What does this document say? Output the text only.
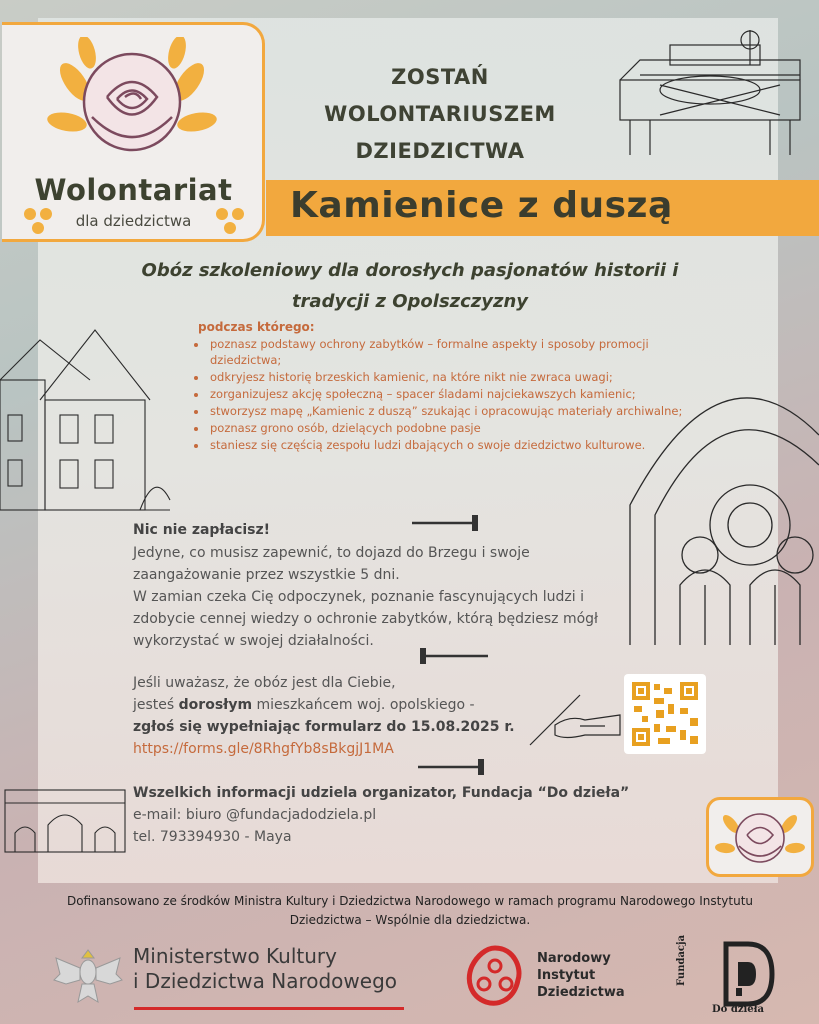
Wolontariat
dla dziedzictwa
ZOSTAŃ
WOLONTARIUSZEM
DZIEDZICTWA
Kamienice z duszą
Obóz szkoleniowy dla dorosłych pasjonatów historii i
tradycji z Opolszczyzny
podczas którego:
• poznasz podstawy ochrony zabytków – formalne aspekty i sposoby promocji dziedzictwa;
• odkryjesz historię brzeskich kamienic, na które nikt nie zwraca uwagi;
• zorganizujesz akcję społeczną – spacer śladami najciekawszych kamienic;
• stworzysz mapę „Kamienic z duszą” szukając i opracowując materiały archiwalne;
• poznasz grono osób, dzielących podobne pasje
• staniesz się częścią zespołu ludzi dbających o swoje dziedzictwo kulturowe.
Nic nie zapłacisz!
Jedyne, co musisz zapewnić, to dojazd do Brzegu i swoje
zaangażowanie przez wszystkie 5 dni.
W zamian czeka Cię odpoczynek, poznanie fascynujących ludzi i
zdobycie cennej wiedzy o ochronie zabytków, którą będziesz mógł
wykorzystać w swojej działalności.
Jeśli uważasz, że obóz jest dla Ciebie,
jesteś dorosłym mieszkańcem woj. opolskiego -
zgłoś się wypełniając formularz do 15.08.2025 r.
https://forms.gle/8RhgfYb8sBkgjJ1MA
Wszelkich informacji udziela organizator, Fundacja “Do dzieła”
e-mail: biuro @fundacjadodziela.pl
tel. 793394930 - Maya
Dofinansowano ze środków Ministra Kultury i Dziedzictwa Narodowego w ramach programu Narodowego Instytutu
Dziedzictwa – Wspólnie dla dziedzictwa.
Ministerstwo Kultury
i Dziedzictwa Narodowego
Narodowy
Instytut
Dziedzictwa
Fundacja
Do dzieła
